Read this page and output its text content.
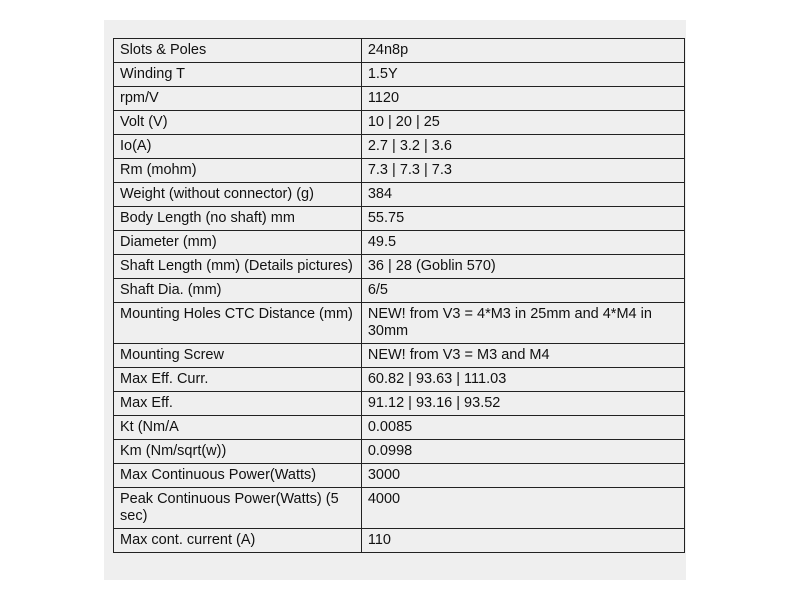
Slots & Poles	24n8p
Winding T	1.5Y
rpm/V	1120
Volt (V)	10 | 20 | 25
Io(A)	2.7 | 3.2 | 3.6
Rm (mohm)	7.3 | 7.3 | 7.3
Weight (without connector) (g)	384
Body Length (no shaft) mm	55.75
Diameter (mm)	49.5
Shaft Length (mm) (Details pictures)	36 | 28 (Goblin 570)
Shaft Dia. (mm)	6/5
Mounting Holes CTC Distance (mm)	NEW! from V3 = 4*M3 in 25mm and 4*M4 in 30mm
Mounting Screw	NEW! from V3 = M3 and M4
Max Eff. Curr.	60.82 | 93.63 | 111.03
Max Eff.	91.12 | 93.16 | 93.52
Kt (Nm/A	0.0085
Km (Nm/sqrt(w))	0.0998
Max Continuous Power(Watts)	3000
Peak Continuous Power(Watts) (5 sec)	4000
Max cont. current (A)	110
